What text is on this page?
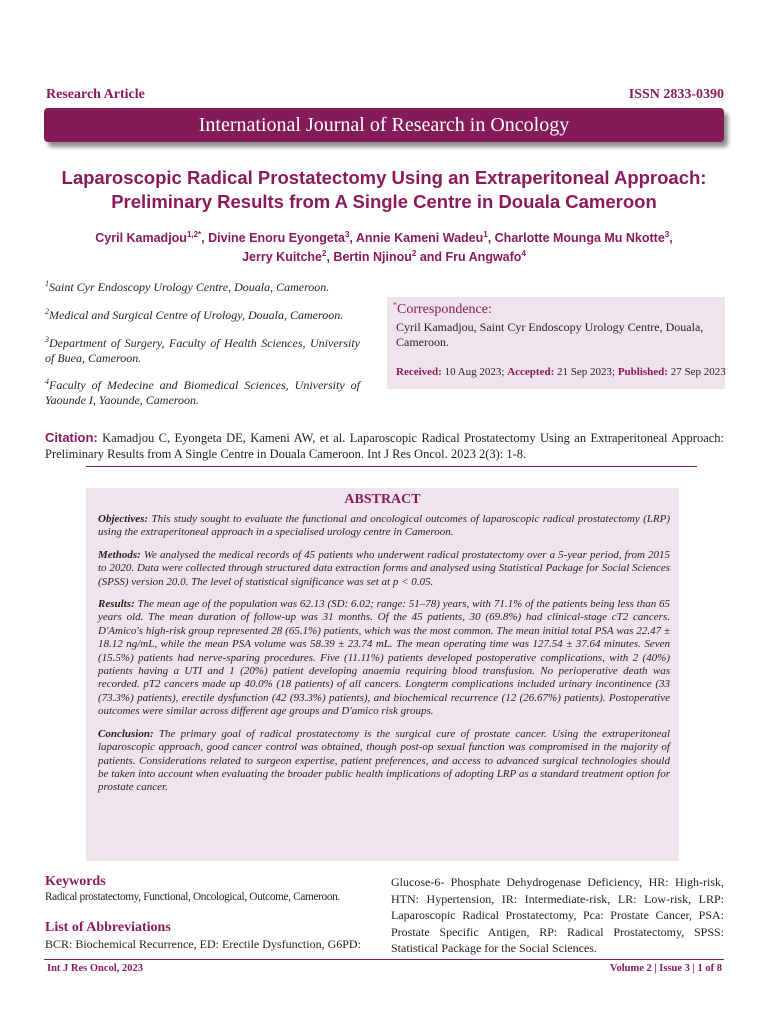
Research Article	ISSN 2833-0390
International Journal of Research in Oncology
Laparoscopic Radical Prostatectomy Using an Extraperitoneal Approach: Preliminary Results from A Single Centre in Douala Cameroon
Cyril Kamadjou$^{1,2*}$, Divine Enoru Eyongeta$^3$, Annie Kameni Wadeu$^1$, Charlotte Mounga Mu Nkotte$^3$,
Jerry Kuitche$^2$, Bertin Njinou$^2$ and Fru Angwafo$^4$
$^1$Saint Cyr Endoscopy Urology Centre, Douala, Cameroon.
$^2$Medical and Surgical Centre of Urology, Douala, Cameroon.
$^3$Department of Surgery, Faculty of Health Sciences, University of Buea, Cameroon.
$^4$Faculty of Medecine and Biomedical Sciences, University of Yaounde I, Yaounde, Cameroon.
*Correspondence:
Cyril Kamadjou, Saint Cyr Endoscopy Urology Centre, Douala, Cameroon.
Received: 10 Aug 2023; Accepted: 21 Sep 2023; Published: 27 Sep 2023
Citation: Kamadjou C, Eyongeta DE, Kameni AW, et al. Laparoscopic Radical Prostatectomy Using an Extraperitoneal Approach: Preliminary Results from A Single Centre in Douala Cameroon. Int J Res Oncol. 2023 2(3): 1-8.
ABSTRACT

Objectives: This study sought to evaluate the functional and oncological outcomes of laparoscopic radical prostatectomy (LRP) using the extraperitoneal approach in a specialised urology centre in Cameroon.

Methods: We analysed the medical records of 45 patients who underwent radical prostatectomy over a 5-year period, from 2015 to 2020. Data were collected through structured data extraction forms and analysed using Statistical Package for Social Sciences (SPSS) version 20.0. The level of statistical significance was set at p < 0.05.

Results: The mean age of the population was 62.13 (SD: 6.02; range: 51–78) years, with 71.1% of the patients being less than 65 years old. The mean duration of follow-up was 31 months. Of the 45 patients, 30 (69.8%) had clinical-stage cT2 cancers. D'Amico's high-risk group represented 28 (65.1%) patients, which was the most common. The mean initial total PSA was 22.47 ± 18.12 ng/mL, while the mean PSA volume was 58.39 ± 23.74 mL. The mean operating time was 127.54 ± 37.64 minutes. Seven (15.5%) patients had nerve-sparing procedures. Five (11.11%) patients developed postoperative complications, with 2 (40%) patients having a UTI and 1 (20%) patient developing anaemia requiring blood transfusion. No perioperative death was recorded. pT2 cancers made up 40.0% (18 patients) of all cancers. Longterm complications included urinary incontinence (33 (73.3%) patients), erectile dysfunction (42 (93.3%) patients), and biochemical recurrence (12 (26.67%) patients). Postoperative outcomes were similar across different age groups and D'amico risk groups.

Conclusion: The primary goal of radical prostatectomy is the surgical cure of prostate cancer. Using the extraperitoneal laparoscopic approach, good cancer control was obtained, though post-op sexual function was compromised in the majority of patients. Considerations related to surgeon expertise, patient preferences, and access to advanced surgical technologies should be taken into account when evaluating the broader public health implications of adopting LRP as a standard treatment option for prostate cancer.

Keywords
Radical prostatectomy, Functional, Oncological, Outcome, Cameroon.
List of Abbreviations
BCR: Biochemical Recurrence, ED: Erectile Dysfunction, G6PD:
Glucose-6- Phosphate Dehydrogenase Deficiency, HR: High-risk, HTN: Hypertension, IR: Intermediate-risk, LR: Low-risk, LRP: Laparoscopic Radical Prostatectomy, Pca: Prostate Cancer, PSA: Prostate Specific Antigen, RP: Radical Prostatectomy, SPSS: Statistical Package for the Social Sciences.
Int J Res Oncol, 2023	Volume 2 | Issue 3 | 1 of 8
